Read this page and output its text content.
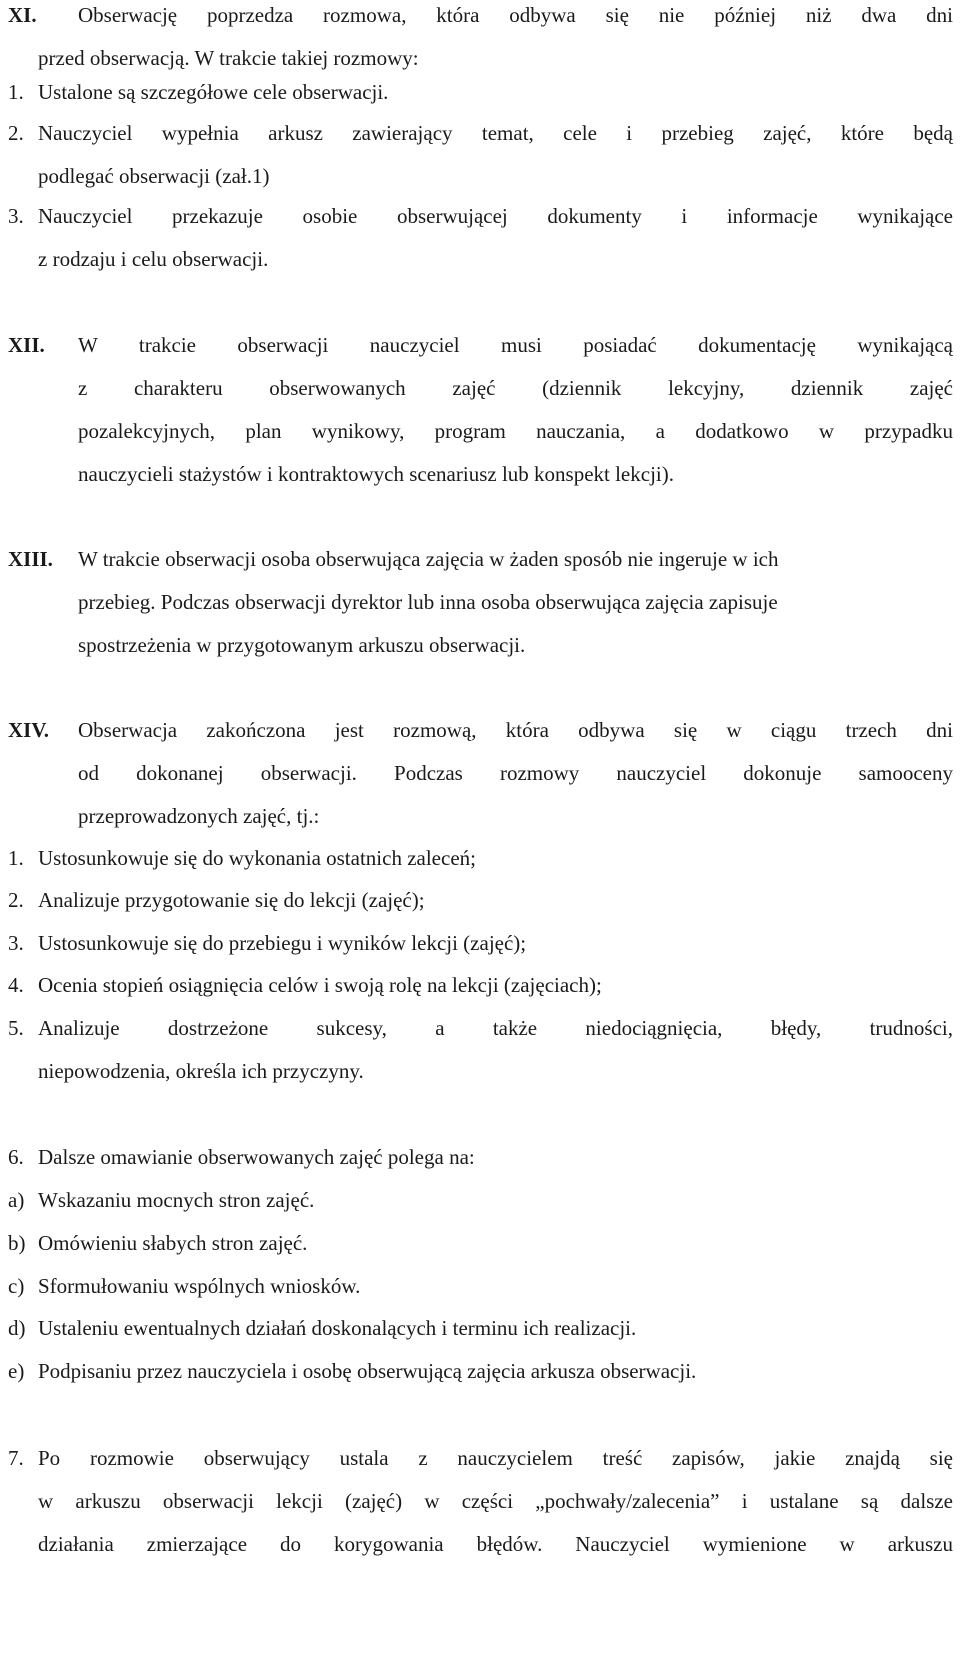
XI. Obserwację poprzedza rozmowa, która odbywa się nie później niż dwa dni
przed obserwacją. W trakcie takiej rozmowy:
1. Ustalone są szczegółowe cele obserwacji.
2. Nauczyciel wypełnia arkusz zawierający temat, cele i przebieg zajęć, które będą
podlegać obserwacji (zał.1)
3. Nauczyciel przekazuje osobie obserwującej dokumenty i informacje wynikające
z rodzaju i celu obserwacji.
XII. W trakcie obserwacji nauczyciel musi posiadać dokumentację wynikającą
z charakteru obserwowanych zajęć (dziennik lekcyjny, dziennik zajęć
pozalekcyjnych, plan wynikowy, program nauczania, a dodatkowo w przypadku
nauczycieli stażystów i kontraktowych scenariusz lub konspekt lekcji).
XIII. W trakcie obserwacji osoba obserwująca zajęcia w żaden sposób nie ingeruje w ich
przebieg. Podczas obserwacji dyrektor lub inna osoba obserwująca zajęcia zapisuje
spostrzeżenia w przygotowanym arkuszu obserwacji.
XIV. Obserwacja zakończona jest rozmową, która odbywa się w ciągu trzech dni
od dokonanej obserwacji. Podczas rozmowy nauczyciel dokonuje samooceny
przeprowadzonych zajęć, tj.:
1. Ustosunkowuje się do wykonania ostatnich zaleceń;
2. Analizuje przygotowanie się do lekcji (zajęć);
3. Ustosunkowuje się do przebiegu i wyników lekcji (zajęć);
4. Ocenia stopień osiągnięcia celów i swoją rolę na lekcji (zajęciach);
5. Analizuje dostrzeżone sukcesy, a także niedociągnięcia, błędy, trudności,
niepowodzenia, określa ich przyczyny.
6. Dalsze omawianie obserwowanych zajęć polega na:
a) Wskazaniu mocnych stron zajęć.
b) Omówieniu słabych stron zajęć.
c) Sformułowaniu wspólnych wniosków.
d) Ustaleniu ewentualnych działań doskonalących i terminu ich realizacji.
e) Podpisaniu przez nauczyciela i osobę obserwującą zajęcia arkusza obserwacji.
7. Po rozmowie obserwujący ustala z nauczycielem treść zapisów, jakie znajdą się
w arkuszu obserwacji lekcji (zajęć) w części „pochwały/zalecenia” i ustalane są dalsze
działania zmierzające do korygowania błędów. Nauczyciel wymienione w arkuszu
